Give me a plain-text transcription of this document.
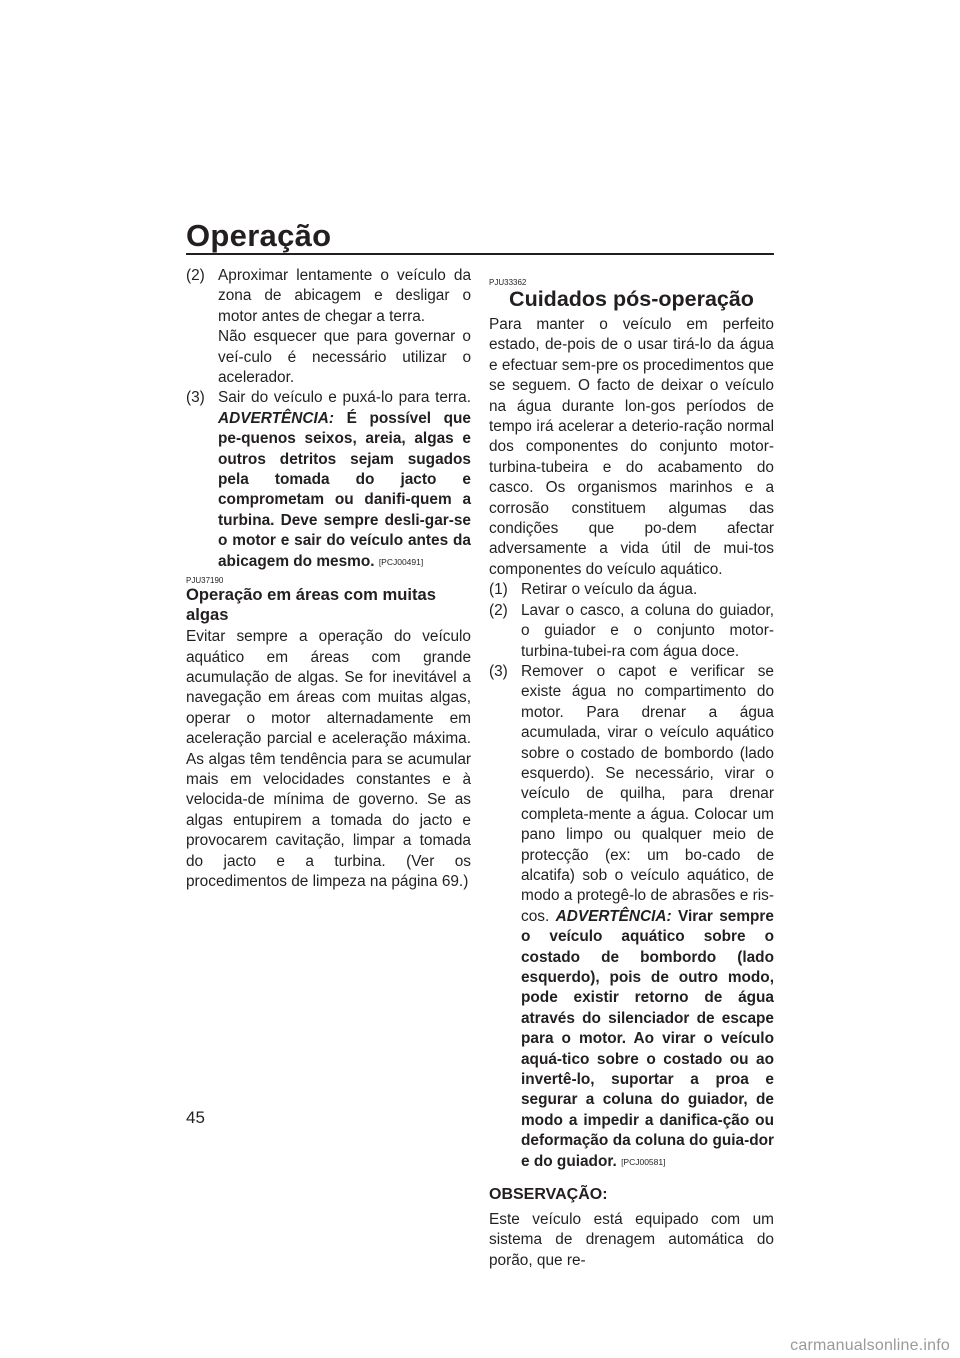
Operação
(2) Aproximar lentamente o veículo da zona de abicagem e desligar o motor antes de chegar a terra.
Não esquecer que para governar o veí-culo é necessário utilizar o acelerador.
(3) Sair do veículo e puxá-lo para terra. ADVERTÊNCIA: É possível que pe-quenos seixos, areia, algas e outros detritos sejam sugados pela tomada do jacto e comprometam ou danifi-quem a turbina. Deve sempre desli-gar-se o motor e sair do veículo antes da abicagem do mesmo. [PCJ00491]
PJU37190
Operação em áreas com muitas algas

Evitar sempre a operação do veículo aquático em áreas com grande acumulação de algas. Se for inevitável a navegação em áreas com muitas algas, operar o motor alternadamente em aceleração parcial e aceleração máxima. As algas têm tendência para se acumular mais em velocidades constantes e à velocida-de mínima de governo. Se as algas entupirem a tomada do jacto e provocarem cavitação, limpar a tomada do jacto e a turbina. (Ver os procedimentos de limpeza na página 69.)

PJU33362
Cuidados pós-operação

Para manter o veículo em perfeito estado, de-pois de o usar tirá-lo da água e efectuar sem-pre os procedimentos que se seguem. O facto de deixar o veículo na água durante lon-gos períodos de tempo irá acelerar a deterio-ração normal dos componentes do conjunto motor-turbina-tubeira e do acabamento do casco. Os organismos marinhos e a corrosão constituem algumas das condições que po-dem afectar adversamente a vida útil de mui-tos componentes do veículo aquático.

(1) Retirar o veículo da água.
(2) Lavar o casco, a coluna do guiador, o guiador e o conjunto motor-turbina-tubei-ra com água doce.
(3) Remover o capot e verificar se existe água no compartimento do motor. Para drenar a água acumulada, virar o veículo aquático sobre o costado de bombordo (lado esquerdo). Se necessário, virar o veículo de quilha, para drenar completa-mente a água. Colocar um pano limpo ou qualquer meio de protecção (ex: um bo-cado de alcatifa) sob o veículo aquático, de modo a protegê-lo de abrasões e ris-cos. ADVERTÊNCIA: Virar sempre o veículo aquático sobre o costado de bombordo (lado esquerdo), pois de outro modo, pode existir retorno de água através do silenciador de escape para o motor. Ao virar o veículo aquá-tico sobre o costado ou ao invertê-lo, suportar a proa e segurar a coluna do guiador, de modo a impedir a danifica-ção ou deformação da coluna do guia-dor e do guiador. [PCJ00581]
OBSERVAÇÃO:

Este veículo está equipado com um sistema de drenagem automática do porão, que re-

45
carmanualsonline.info
